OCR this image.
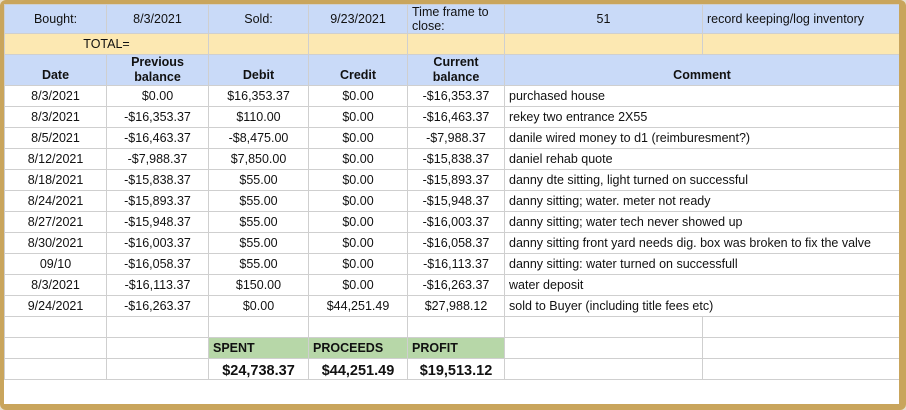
Bought:	8/3/2021	Sold:	9/23/2021	Time frame to close:	51	record keeping/log inventory
TOTAL=						
Date	Previous balance	Debit	Credit	Current balance	Comment	
8/3/2021	$0.00	$16,353.37	$0.00	-$16,353.37	purchased house	
8/3/2021	-$16,353.37	$110.00	$0.00	-$16,463.37	rekey two entrance 2X55	
8/5/2021	-$16,463.37	-$8,475.00	$0.00	-$7,988.37	danile wired money to d1 (reimburesment?)	
8/12/2021	-$7,988.37	$7,850.00	$0.00	-$15,838.37	daniel rehab quote	
8/18/2021	-$15,838.37	$55.00	$0.00	-$15,893.37	danny dte sitting, light turned on successful	
8/24/2021	-$15,893.37	$55.00	$0.00	-$15,948.37	danny sitting; water. meter not ready	
8/27/2021	-$15,948.37	$55.00	$0.00	-$16,003.37	danny sitting; water tech never showed up	
8/30/2021	-$16,003.37	$55.00	$0.00	-$16,058.37	danny sitting front yard needs dig. box was broken to fix the valve	
09/10	-$16,058.37	$55.00	$0.00	-$16,113.37	danny sitting: water turned on successfull	
8/3/2021	-$16,113.37	$150.00	$0.00	-$16,263.37	water deposit	
9/24/2021	-$16,263.37	$0.00	$44,251.49	$27,988.12	sold to Buyer (including title fees etc)	

		SPENT	PROCEEDS	PROFIT		
		$24,738.37	$44,251.49	$19,513.12		
